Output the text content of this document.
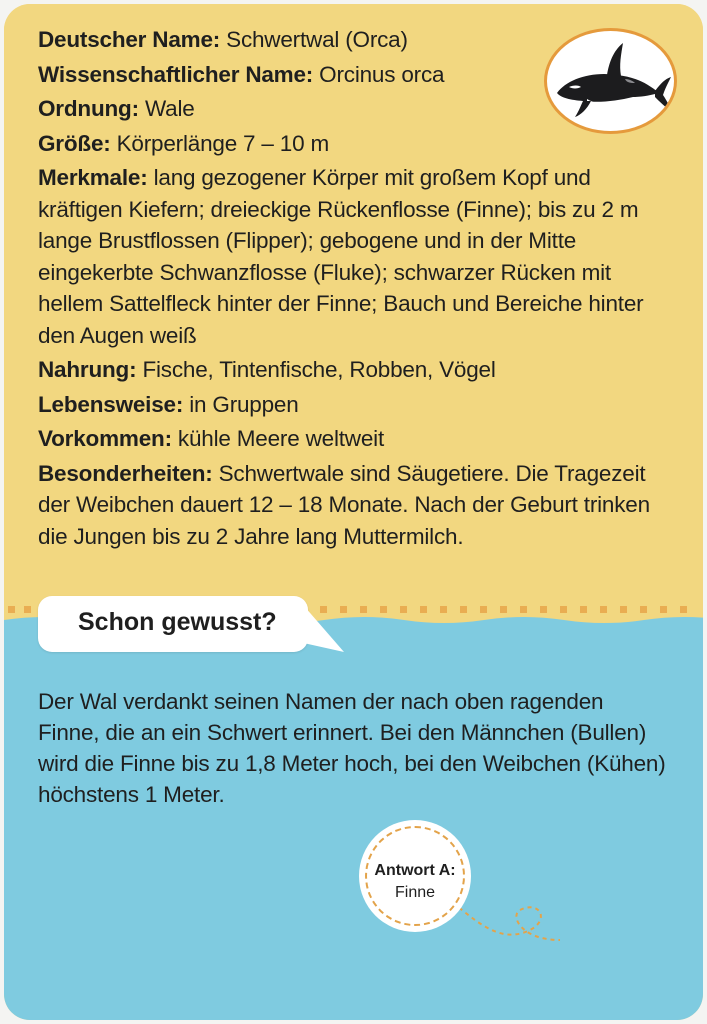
Deutscher Name: Schwertwal (Orca)

Wissenschaftlicher Name: Orcinus orca

Ordnung: Wale

Größe: Körperlänge 7 – 10 m

Merkmale: lang gezogener Körper mit großem Kopf und kräftigen Kiefern; dreieckige Rückenflosse (Finne); bis zu 2 m lange Brustflossen (Flipper); gebogene und in der Mitte eingekerbte Schwanzflosse (Fluke); schwarzer Rücken mit hellem Sattelfleck hinter der Finne; Bauch und Bereiche hinter den Augen weiß

Nahrung: Fische, Tintenfische, Robben, Vögel

Lebensweise: in Gruppen

Vorkommen: kühle Meere weltweit

Besonderheiten: Schwertwale sind Säugetiere. Die Tragezeit der Weibchen dauert 12 – 18 Monate. Nach der Geburt trinken die Jungen bis zu 2 Jahre lang Muttermilch.

Schon gewusst?
Der Wal verdankt seinen Namen der nach oben ragenden Finne, die an ein Schwert erinnert. Bei den Männchen (Bullen) wird die Finne bis zu 1,8 Meter hoch, bei den Weibchen (Kühen) höchstens 1 Meter.
Antwort A:
Finne
